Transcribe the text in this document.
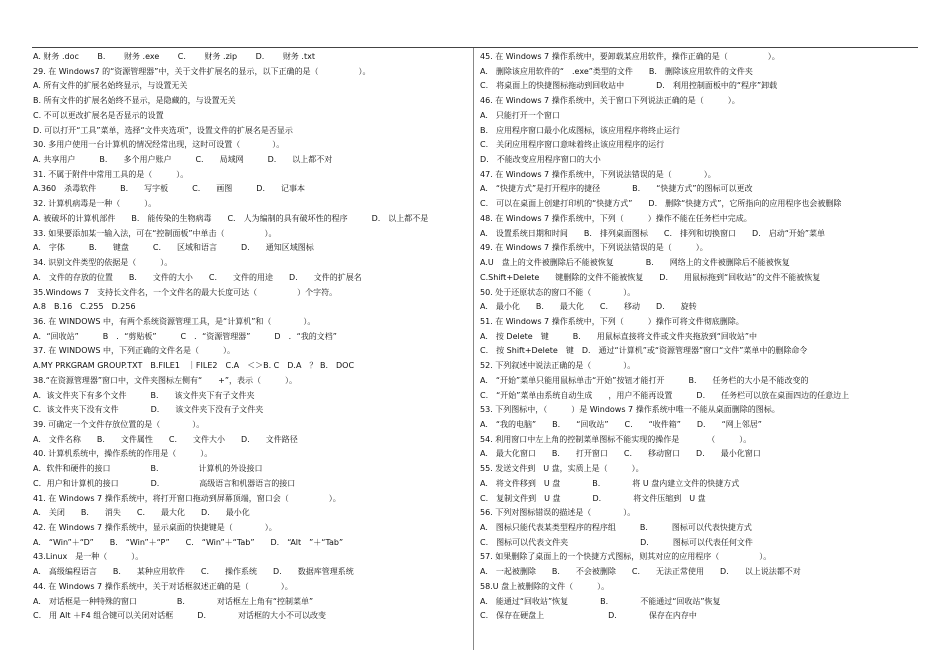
A. 财务 .doc　　 B.　　 财务 .exe　　 C.　　 财务 .zip　　 D.　　 财务 .txt
29. 在 Windows7 的“资源管理器”中，关于文件扩展名的显示，以下正确的是（　　　　　）。
A. 所有文件的扩展名始终显示，与设置无关
B. 所有文件的扩展名始终不显示，是隐藏的，与设置无关
C. 不可以更改扩展名是否显示的设置
D. 可以打开“工具”菜单，选择“文件夹选项”，设置文件的扩展名是否显示
30. 多用户使用一台计算机的情况经常出现，这时可设置（　　　　）。
A. 共享用户　　　B.　　多个用户账户　　　C.　　局域网　　　D.　　以上都不对
31. 不属于附件中常用工具的是（　　　）。
A.360　杀毒软件　　　B.　　写字板　　　C.　　画图　　　D.　　记事本
32. 计算机病毒是一种（　　　）。
A. 被破坏的计算机部件　　B.　能传染的生物病毒　　C.　人为编制的具有破坏性的程序　　　D.　以上都不是
33. 如果要添加某一输入法，可在“控制面板”中单击（　　　　　）。
A.　字体　　　B.　　键盘　　　C.　　区域和语言　　　D.　　通知区域图标
34. 识别文件类型的依据是（　　　）。
A.　文件的存放的位置　　B.　　文件的大小　　C.　　文件的用途　　D.　　文件的扩展名
35.Windows 7　支持长文件名，一个文件名的最大长度可达（　　　　　）个字符。
A.8　B.16　C.255　D.256
36. 在 WINDOWS 中，有两个系统资源管理工具，是“计算机”和（　　　　）。
A．“回收站”　　　B　．“剪贴板”　　　C　．“资源管理器”　　　D　．“我的文档”
37. 在 WINDOWS 中，下列正确的文件名是（　　　）。
A.MY PRKGRAM GROUP.TXT　B.FILE1　｜FILE2　C.A　＜＞B. C　D.A　？ B.　DOC
38.“在资源管理器”窗口中，文件夹图标左侧有“　　+”，表示（　　　）。
A．该文件夹下有多个文件　　　B.　　该文件夹下有子文件夹
C．该文件夹下没有文件　　　　D.　　该文件夹下没有子文件夹
39. 可确定一个文件存放位置的是（　　　　）。
A.　文件名称　　B.　　文件属性　　C.　　文件大小　　D.　　文件路径
40. 计算机系统中，操作系统的作用是（　　　）。
A．软件和硬件的接口　　　　　B.　　　　　计算机的外设接口
C．用户和计算机的接口　　　　D.　　　　　高级语言和机器语言的接口
41. 在 Windows 7 操作系统中，将打开窗口拖动到屏幕顶端，窗口会（　　　　　）。
A.　关闭　　B.　　消失　　C.　　最大化　　D.　　最小化
42. 在 Windows 7 操作系统中，显示桌面的快捷键是（　　　　）。
A.　“Win”＋“D”　　B.　“Win”＋“P”　　C.　“Win”＋“Tab”　　D.　“Alt　”＋“Tab”
43.Linux　是一种（　　　）。
A.　高级编程语言　　B.　　某种应用软件　　C.　　操作系统　　D.　　数据库管理系统
44. 在 Windows 7 操作系统中，关于对话框叙述正确的是（　　　　）。
A.　对话框是一种特殊的窗口　　　　　B.　　　　对话框左上角有“控制菜单”
C.　用 Alt ＋F4 组合键可以关闭对话框　　　D.　　　　对话框的大小不可以改变
45. 在 Windows 7 操作系统中，要卸载某应用软件，操作正确的是（　　　　　）。
A.　删除该应用软件的“　.exe”类型的文件　　B.　删除该应用软件的文件夹
C.　将桌面上的快捷图标拖动到回收站中　　　　D.　利用控制面板中的“程序”卸载
46. 在 Windows 7 操作系统中，关于窗口下列说法正确的是（　　　）。
A.　只能打开一个窗口
B.　应用程序窗口最小化成图标，该应用程序将终止运行
C.　关闭应用程序窗口意味着终止该应用程序的运行
D.　不能改变应用程序窗口的大小
47. 在 Windows 7 操作系统中，下列说法错误的是（　　　　）。
A.　“快捷方式”是打开程序的捷径　　　　B.　　“快捷方式”的图标可以更改
C.　可以在桌面上创建打印机的“快捷方式”　　D.　删除“快捷方式”，它所指向的应用程序也会被删除
48. 在 Windows 7 操作系统中，下列（　　　）操作不能在任务栏中完成。
A.　设置系统日期和时间　　B.　排列桌面图标　　C.　排列和切换窗口　　D.　启动“开始”菜单
49. 在 Windows 7 操作系统中，下列说法错误的是（　　　）。
A.U　盘上的文件被删除后不能被恢复　　　　B.　　网络上的文件被删除后不能被恢复
C.Shift+Delete　　键删除的文件不能被恢复　　D.　　用鼠标拖到“回收站”的文件不能被恢复
50. 处于还原状态的窗口不能（　　　　）。
A.　最小化　　B.　　最大化　　C.　　移动　　D.　　旋转
51. 在 Windows 7 操作系统中，下列（　　　）操作可将文件彻底删除。
A.　按 Delete　键　　　B.　　用鼠标直接将文件或文件夹拖放到“回收站”中
C.　按 Shift+Delete　键　D.　通过“计算机”或“资源管理器”窗口“文件”菜单中的删除命令
52. 下列叙述中说法正确的是（　　　　）。
A.　“开始”菜单只能用鼠标单击“开始”按钮才能打开　　　B.　　任务栏的大小是不能改变的
C.　“开始”菜单由系统自动生成　　，用户不能再设置　　　D.　　任务栏可以放在桌面四边的任意边上
53. 下列图标中，（　　　）是 Windows 7 操作系统中唯一不能从桌面删除的图标。
A.　“我的电脑”　　B.　　“回收站”　　C.　　“收件箱”　　D.　　“网上邻居”
54. 利用窗口中左上角的控制菜单图标不能实现的操作是　　　　（　　　）。
A.　最大化窗口　　B.　　打开窗口　　C.　　移动窗口　　D.　　最小化窗口
55. 发送文件到　U 盘，实质上是（　　　）。
A.　将文件移到　U 盘　　　　B.　　　　将 U 盘内建立文件的快捷方式
C.　复制文件到　U 盘　　　　D.　　　　将文件压缩到　U 盘
56. 下列对图标错误的描述是（　　　　）。
A.　图标只能代表某类型程序的程序组　　　B.　　　图标可以代表快捷方式
C.　图标可以代表文件夹　　　　　　　　　D.　　　图标可以代表任何文件
57. 如果删除了桌面上的一个快捷方式图标，则其对应的应用程序（　　　　　）。
A.　一起被删除　　B.　　不会被删除　　C.　　无法正常使用　　D.　　以上说法都不对
58.U 盘上被删除的文件（　　　）。
A.　能通过“回收站”恢复　　　　B.　　　　不能通过“回收站”恢复
C.　保存在硬盘上　　　　　　　　D.　　　　保存在内存中
